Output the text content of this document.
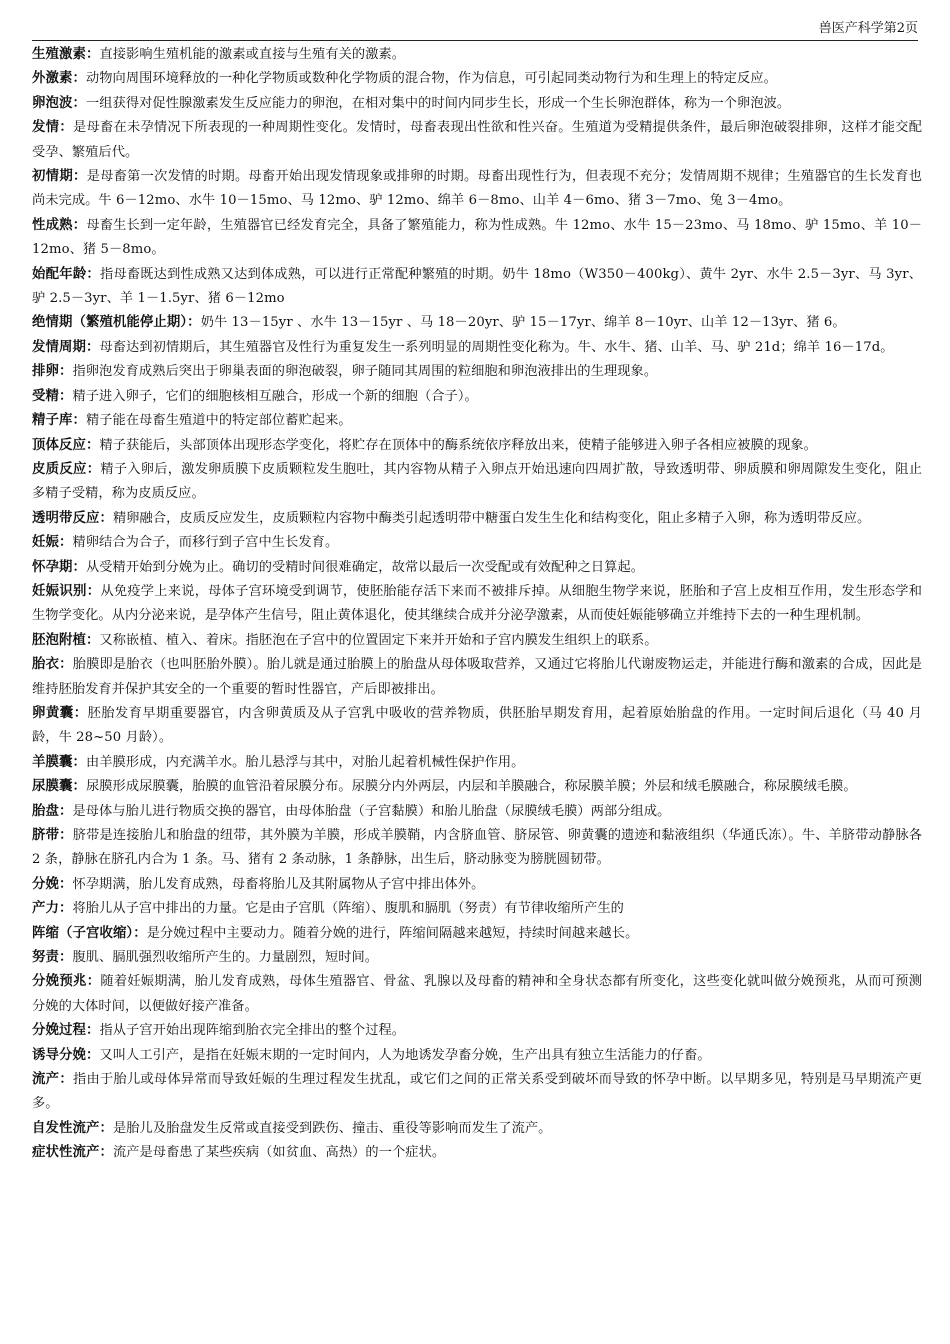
兽医产科学第2页

生殖激素：直接影响生殖机能的激素或直接与生殖有关的激素。

外激素：动物向周围环境释放的一种化学物质或数种化学物质的混合物，作为信息，可引起同类动物行为和生理上的特定反应。

卵泡波：一组获得对促性腺激素发生反应能力的卵泡，在相对集中的时间内同步生长，形成一个生长卵泡群体，称为一个卵泡波。

发情：是母畜在未孕情况下所表现的一种周期性变化。发情时，母畜表现出性欲和性兴奋。生殖道为受精提供条件，最后卵泡破裂排卵，这样才能交配受孕、繁殖后代。

初情期：是母畜第一次发情的时期。母畜开始出现发情现象或排卵的时期。母畜出现性行为，但表现不充分；发情周期不规律；生殖器官的生长发育也尚未完成。牛 6－12mo、水牛 10－15mo、马 12mo、驴 12mo、绵羊 6－8mo、山羊 4－6mo、猪 3－7mo、兔 3－4mo。

性成熟：母畜生长到一定年龄，生殖器官已经发育完全，具备了繁殖能力，称为性成熟。牛 12mo、水牛 15－23mo、马 18mo、驴 15mo、羊 10－12mo、猪 5－8mo。

始配年龄：指母畜既达到性成熟又达到体成熟，可以进行正常配种繁殖的时期。奶牛 18mo（W350－400kg）、黄牛 2yr、水牛 2.5－3yr、马 3yr、驴 2.5－3yr、羊 1－1.5yr、猪 6－12mo

绝情期（繁殖机能停止期）：奶牛 13－15yr 、水牛 13－15yr 、马 18－20yr、驴 15－17yr、绵羊 8－10yr、山羊 12－13yr、猪 6。

发情周期：母畜达到初情期后，其生殖器官及性行为重复发生一系列明显的周期性变化称为。牛、水牛、猪、山羊、马、驴 21d；绵羊 16－17d。

排卵：指卵泡发育成熟后突出于卵巢表面的卵泡破裂，卵子随同其周围的粒细胞和卵泡液排出的生理现象。

受精：精子进入卵子，它们的细胞核相互融合，形成一个新的细胞（合子）。

精子库：精子能在母畜生殖道中的特定部位蓄贮起来。

顶体反应：精子获能后，头部顶体出现形态学变化，将贮存在顶体中的酶系统依序释放出来，使精子能够进入卵子各相应被膜的现象。

皮质反应：精子入卵后，激发卵质膜下皮质颗粒发生胞吐，其内容物从精子入卵点开始迅速向四周扩散，导致透明带、卵质膜和卵周隙发生变化，阻止多精子受精，称为皮质反应。

透明带反应：精卵融合，皮质反应发生，皮质颗粒内容物中酶类引起透明带中糖蛋白发生生化和结构变化，阻止多精子入卵，称为透明带反应。

妊娠：精卵结合为合子，而移行到子宫中生长发育。

怀孕期：从受精开始到分娩为止。确切的受精时间很难确定，故常以最后一次受配或有效配种之日算起。

妊娠识别：从免疫学上来说，母体子宫环境受到调节，使胚胎能存活下来而不被排斥掉。从细胞生物学来说，胚胎和子宫上皮相互作用，发生形态学和生物学变化。从内分泌来说，是孕体产生信号，阻止黄体退化，使其继续合成并分泌孕激素，从而使妊娠能够确立并维持下去的一种生理机制。

胚泡附植：又称嵌植、植入、着床。指胚泡在子宫中的位置固定下来并开始和子宫内膜发生组织上的联系。

胎衣：胎膜即是胎衣（也叫胚胎外膜）。胎儿就是通过胎膜上的胎盘从母体吸取营养，又通过它将胎儿代谢废物运走，并能进行酶和激素的合成，因此是维持胚胎发育并保护其安全的一个重要的暂时性器官，产后即被排出。

卵黄囊：胚胎发育早期重要器官，内含卵黄质及从子宫乳中吸收的营养物质，供胚胎早期发育用，起着原始胎盘的作用。一定时间后退化（马 40 月龄，牛 28~50 月龄）。

羊膜囊：由羊膜形成，内充满羊水。胎儿悬浮与其中，对胎儿起着机械性保护作用。

尿膜囊：尿膜形成尿膜囊，胎膜的血管沿着尿膜分布。尿膜分内外两层，内层和羊膜融合，称尿膜羊膜；外层和绒毛膜融合，称尿膜绒毛膜。

胎盘：是母体与胎儿进行物质交换的器官，由母体胎盘（子宫黏膜）和胎儿胎盘（尿膜绒毛膜）两部分组成。

脐带：脐带是连接胎儿和胎盘的纽带，其外膜为羊膜，形成羊膜鞘，内含脐血管、脐尿管、卵黄囊的遗迹和黏液组织（华通氏冻）。牛、羊脐带动静脉各 2 条，静脉在脐孔内合为 1 条。马、猪有 2 条动脉，1 条静脉，出生后，脐动脉变为膀胱圆韧带。

分娩：怀孕期满，胎儿发育成熟，母畜将胎儿及其附属物从子宫中排出体外。

产力：将胎儿从子宫中排出的力量。它是由子宫肌（阵缩）、腹肌和膈肌（努责）有节律收缩所产生的

阵缩（子宫收缩）：是分娩过程中主要动力。随着分娩的进行，阵缩间隔越来越短，持续时间越来越长。

努责：腹肌、膈肌强烈收缩所产生的。力量剧烈，短时间。

分娩预兆：随着妊娠期满，胎儿发育成熟，母体生殖器官、骨盆、乳腺以及母畜的精神和全身状态都有所变化，这些变化就叫做分娩预兆，从而可预测分娩的大体时间，以便做好接产准备。

分娩过程：指从子宫开始出现阵缩到胎衣完全排出的整个过程。

诱导分娩：又叫人工引产，是指在妊娠末期的一定时间内，人为地诱发孕畜分娩，生产出具有独立生活能力的仔畜。

流产：指由于胎儿或母体异常而导致妊娠的生理过程发生扰乱，或它们之间的正常关系受到破坏而导致的怀孕中断。以早期多见，特别是马早期流产更多。

自发性流产：是胎儿及胎盘发生反常或直接受到跌伤、撞击、重役等影响而发生了流产。

症状性流产：流产是母畜患了某些疾病（如贫血、高热）的一个症状。
